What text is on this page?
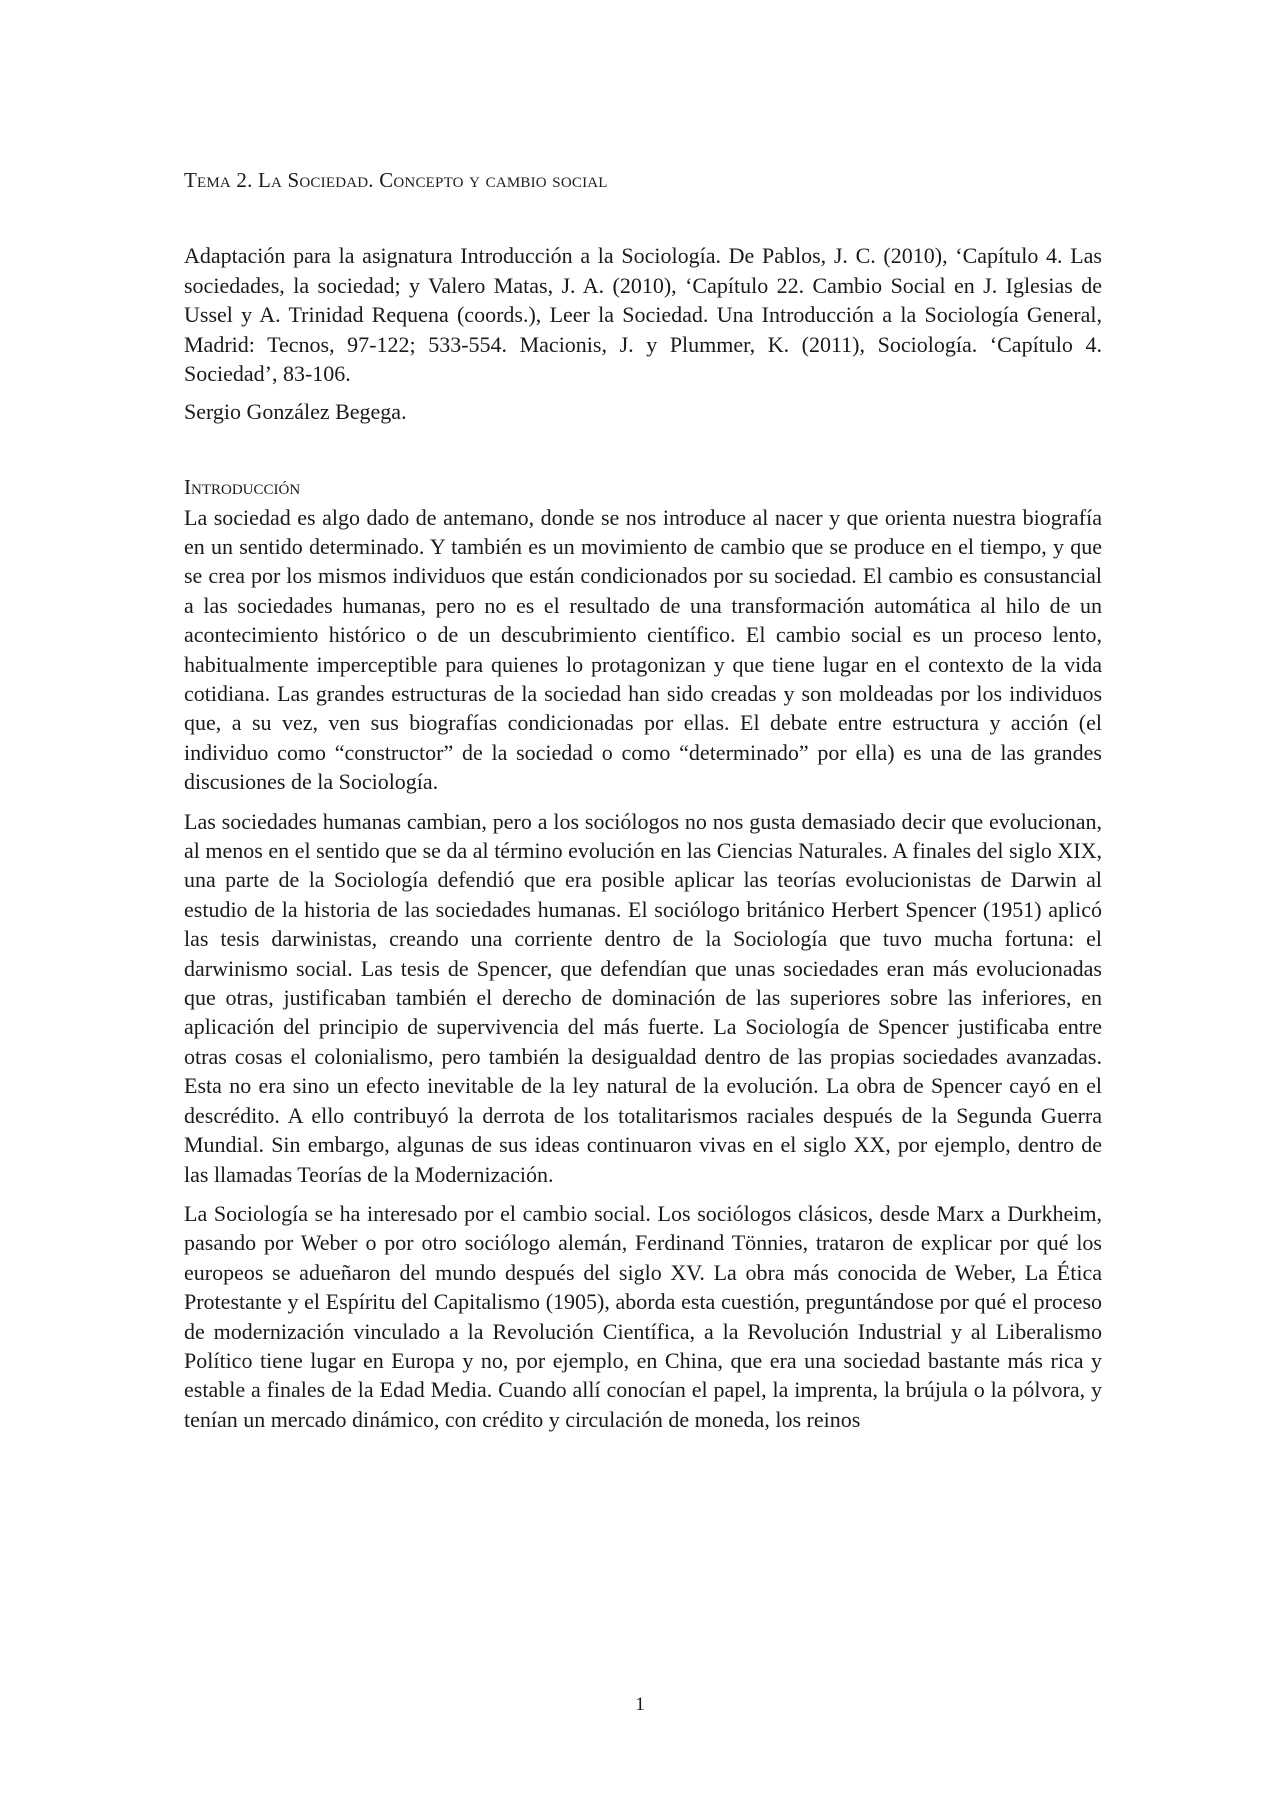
Tema 2. La Sociedad. Concepto y cambio social

Adaptación para la asignatura Introducción a la Sociología. De Pablos, J. C. (2010), ‘Capítulo 4. Las sociedades, la sociedad; y Valero Matas, J. A. (2010), ‘Capítulo 22. Cambio Social en J. Iglesias de Ussel y A. Trinidad Requena (coords.), Leer la Sociedad. Una Introducción a la Sociología General, Madrid: Tecnos, 97-122; 533-554. Macionis, J. y Plummer, K. (2011), Sociología. ‘Capítulo 4. Sociedad’, 83-106.

Sergio González Begega.

Introducción

La sociedad es algo dado de antemano, donde se nos introduce al nacer y que orienta nuestra biografía en un sentido determinado. Y también es un movimiento de cambio que se produce en el tiempo, y que se crea por los mismos individuos que están condicionados por su sociedad. El cambio es consustancial a las sociedades humanas, pero no es el resultado de una transformación automática al hilo de un acontecimiento histórico o de un descubrimiento científico. El cambio social es un proceso lento, habitualmente imperceptible para quienes lo protagonizan y que tiene lugar en el contexto de la vida cotidiana. Las grandes estructuras de la sociedad han sido creadas y son moldeadas por los individuos que, a su vez, ven sus biografías condicionadas por ellas. El debate entre estructura y acción (el individuo como “constructor” de la sociedad o como “determinado” por ella) es una de las grandes discusiones de la Sociología.

Las sociedades humanas cambian, pero a los sociólogos no nos gusta demasiado decir que evolucionan, al menos en el sentido que se da al término evolución en las Ciencias Naturales. A finales del siglo XIX, una parte de la Sociología defendió que era posible aplicar las teorías evolucionistas de Darwin al estudio de la historia de las sociedades humanas. El sociólogo británico Herbert Spencer (1951) aplicó las tesis darwinistas, creando una corriente dentro de la Sociología que tuvo mucha fortuna: el darwinismo social. Las tesis de Spencer, que defendían que unas sociedades eran más evolucionadas que otras, justificaban también el derecho de dominación de las superiores sobre las inferiores, en aplicación del principio de supervivencia del más fuerte. La Sociología de Spencer justificaba entre otras cosas el colonialismo, pero también la desigualdad dentro de las propias sociedades avanzadas. Esta no era sino un efecto inevitable de la ley natural de la evolución. La obra de Spencer cayó en el descrédito. A ello contribuyó la derrota de los totalitarismos raciales después de la Segunda Guerra Mundial. Sin embargo, algunas de sus ideas continuaron vivas en el siglo XX, por ejemplo, dentro de las llamadas Teorías de la Modernización.

La Sociología se ha interesado por el cambio social. Los sociólogos clásicos, desde Marx a Durkheim, pasando por Weber o por otro sociólogo alemán, Ferdinand Tönnies, trataron de explicar por qué los europeos se adueñaron del mundo después del siglo XV. La obra más conocida de Weber, La Ética Protestante y el Espíritu del Capitalismo (1905), aborda esta cuestión, preguntándose por qué el proceso de modernización vinculado a la Revolución Científica, a la Revolución Industrial y al Liberalismo Político tiene lugar en Europa y no, por ejemplo, en China, que era una sociedad bastante más rica y estable a finales de la Edad Media. Cuando allí conocían el papel, la imprenta, la brújula o la pólvora, y tenían un mercado dinámico, con crédito y circulación de moneda, los reinos

1
